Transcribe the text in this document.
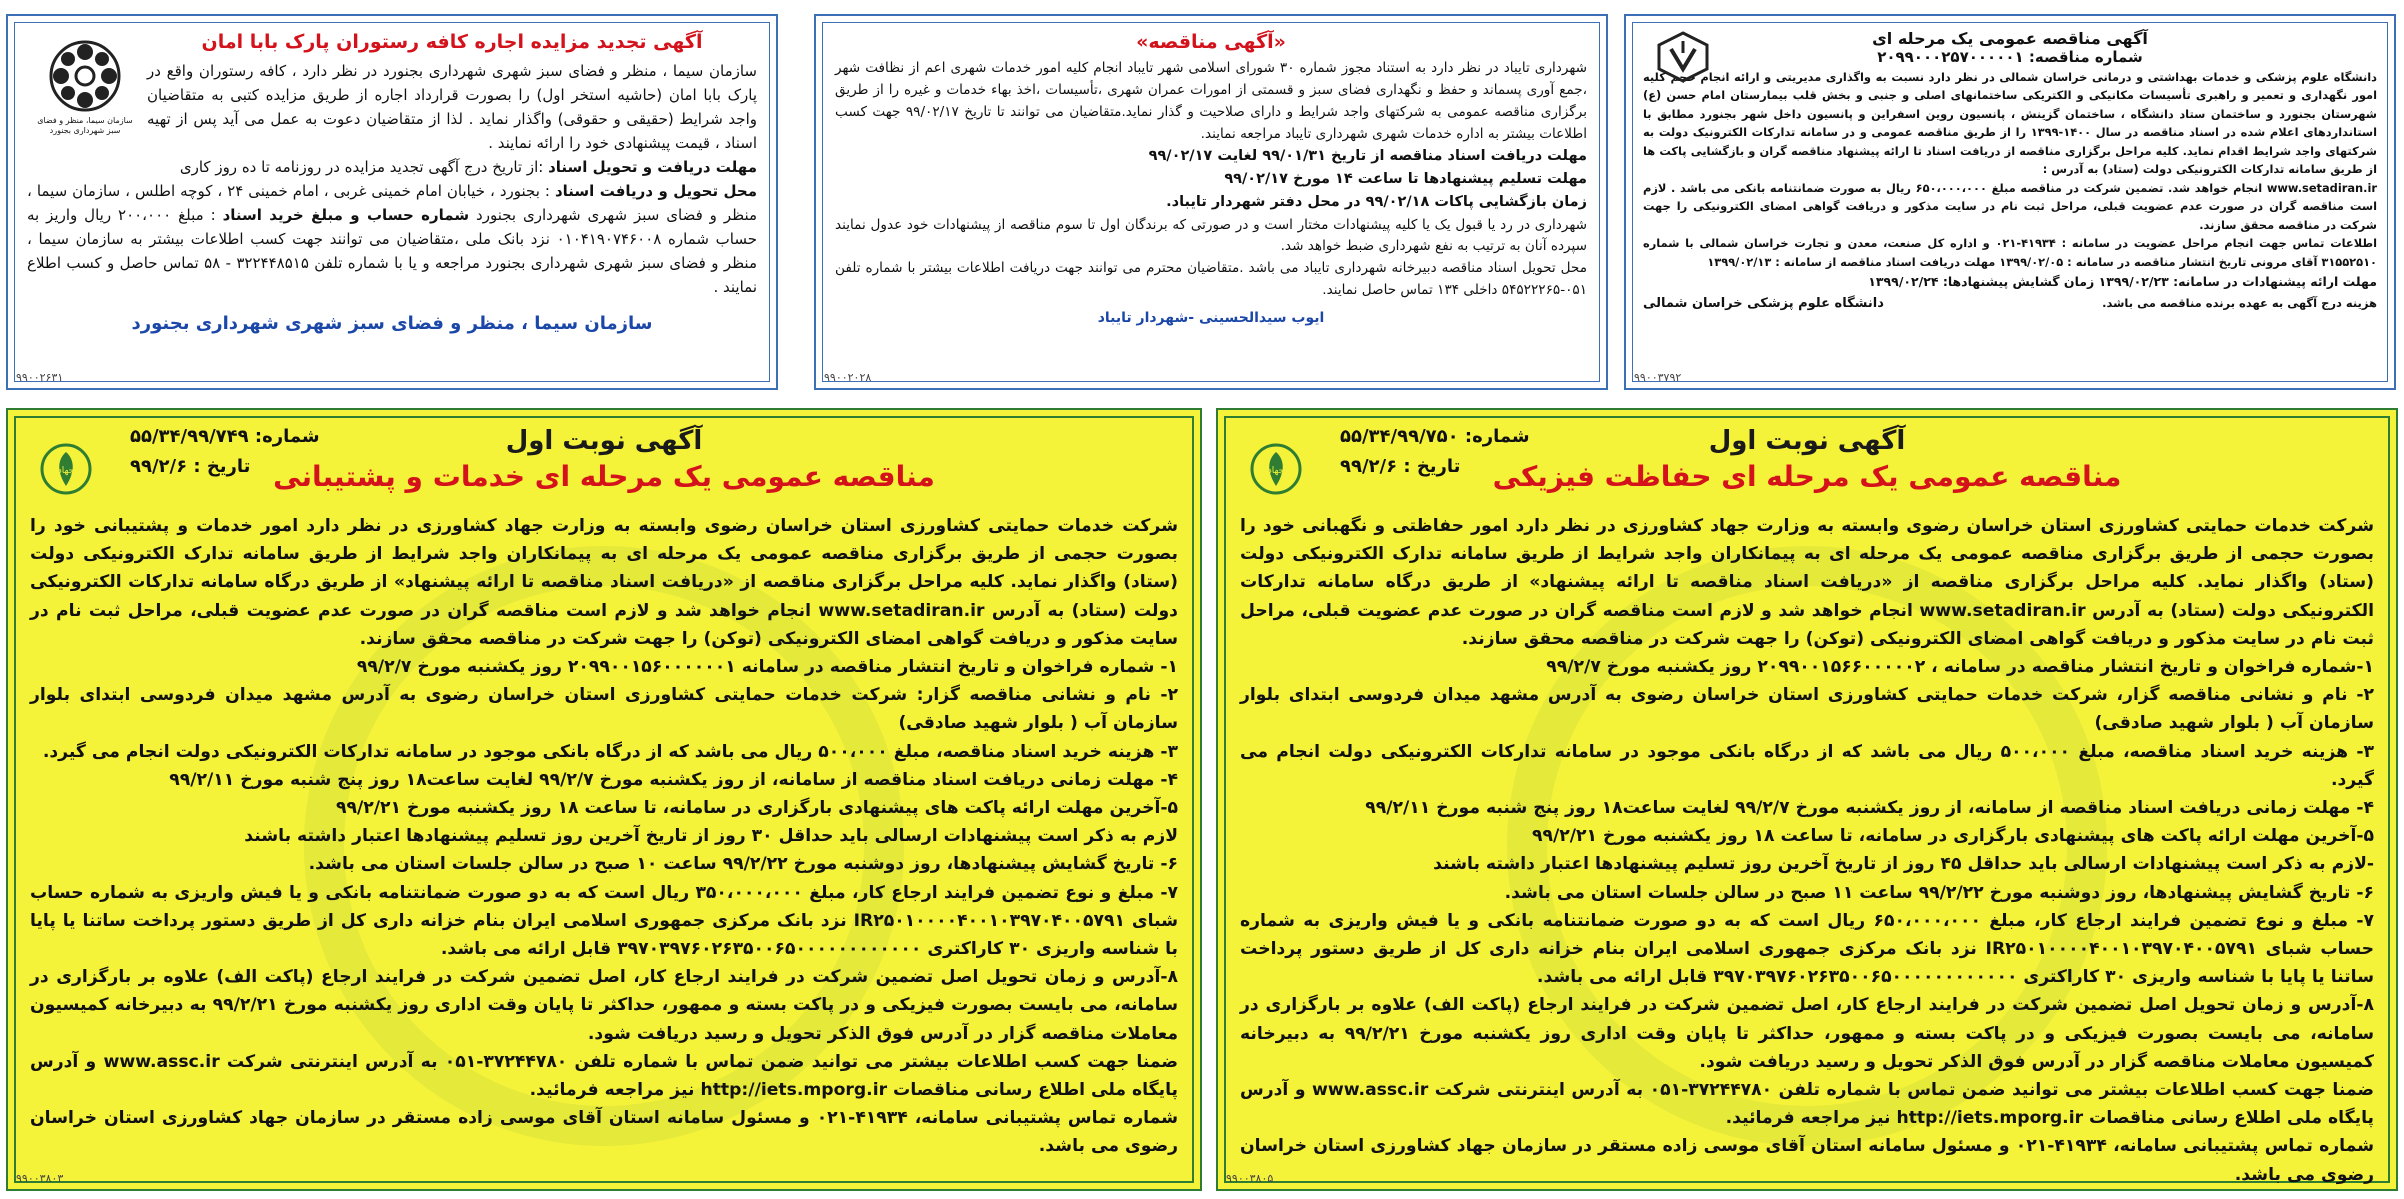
سازمان سیما، منظر و فضای سبز شهرداری بجنورد
آگهی تجدید مزایده اجاره کافه رستوران پارک بابا امان

سازمان سیما ، منظر و فضای سبز شهری شهرداری بجنورد در نظر دارد ، کافه رستوران واقع در پارک بابا امان (حاشیه استخر اول) را بصورت قرارداد اجاره از طریق مزایده کتبی به متقاضیان واجد شرایط (حقیقی و حقوقی) واگذار نماید . لذا از متقاضیان دعوت به عمل می آید پس از تهیه اسناد ، قیمت پیشنهادی خود را ارائه نمایند .

مهلت دریافت و تحویل اسناد :از تاریخ درج آگهی تجدید مزایده در روزنامه تا ده روز کاری

محل تحویل و دریافت اسناد : بجنورد ، خیابان امام خمینی غربی ، امام خمینی ۲۴ ، کوچه اطلس ، سازمان سیما ، منظر و فضای سبز شهری شهرداری بجنورد شماره حساب و مبلغ خرید اسناد : مبلغ ۲۰۰،۰۰۰ ریال واریز به حساب شماره ۰۱۰۴۱۹۰۷۴۶۰۰۸ نزد بانک ملی ،متقاضیان می توانند جهت کسب اطلاعات بیشتر به سازمان سیما ، منظر و فضای سبز شهری شهرداری بجنورد مراجعه و یا با شماره تلفن ۳۲۲۴۴۸۵۱۵ - ۵۸ تماس حاصل و کسب اطلاع نمایند .

سازمان سیما ، منظر و فضای سبز شهری شهرداری بجنورد
۹۹۰۰۲۶۳۱
«آگهی مناقصه»

شهرداری تایباد در نظر دارد به استناد مجوز شماره ۳۰ شورای اسلامی شهر تایباد انجام کلیه امور خدمات شهری اعم از نظافت شهر ،جمع آوری پسماند و حفظ و نگهداری فضای سبز و قسمتی از امورات عمران شهری ،تأسیسات ،اخذ بهاء خدمات و غیره را از طریق برگزاری مناقصه عمومی به شرکتهای واجد شرایط و دارای صلاحیت و گذار نماید.متقاضیان می توانند تا تاریخ ۹۹/۰۲/۱۷ جهت کسب اطلاعات بیشتر به اداره خدمات شهری شهرداری تایباد مراجعه نمایند.

مهلت دریافت اسناد مناقصه از تاریخ ۹۹/۰۱/۳۱ لغایت ۹۹/۰۲/۱۷

مهلت تسلیم پیشنهادها تا ساعت ۱۴ مورخ ۹۹/۰۲/۱۷

زمان بازگشایی پاکات ۹۹/۰۲/۱۸ در محل دفتر شهردار تایباد.

شهرداری در رد یا قبول یک یا کلیه پیشنهادات مختار است و در صورتی که برندگان اول تا سوم مناقصه از پیشنهادات خود عدول نمایند سپرده آنان به ترتیب به نفع شهرداری ضبط خواهد شد.

محل تحویل اسناد مناقصه دبیرخانه شهرداری تایباد می باشد .متقاضیان محترم می توانند جهت دریافت اطلاعات بیشتر با شماره تلفن ۰۵۱-۵۴۵۲۲۲۶۵ داخلی ۱۳۴ تماس حاصل نمایند.

ایوب سیدالحسینی -شهردار تایباد
۹۹۰۰۲۰۲۸
آگهی مناقصه عمومی یک مرحله ای
شماره مناقصه: ۲۰۹۹۰۰۰۲۵۷۰۰۰۰۰۱

دانشگاه علوم پزشکی و خدمات بهداشتی و درمانی خراسان شمالی در نظر دارد نسبت به واگذاری مدیریتی و ارائه انجام حجم کلیه امور نگهداری و تعمیر و راهبری تأسیسات مکانیکی و الکتریکی ساختمانهای اصلی و جنبی و بخش قلب بیمارستان امام حسن (ع) شهرستان بجنورد و ساختمان ستاد دانشگاه ، ساختمان گزینش ، پانسیون روین اسفراین و پانسیون داخل شهر بجنورد مطابق با استانداردهای اعلام شده در اسناد مناقصه در سال ۱۴۰۰-۱۳۹۹ را از طریق مناقصه عمومی و در سامانه تدارکات الکترونیک دولت به شرکتهای واجد شرایط اقدام نماید. کلیه مراحل برگزاری مناقصه از دریافت اسناد تا ارائه پیشنهاد مناقصه گران و بازگشایی پاکت ها از طریق سامانه تدارکات الکترونیکی دولت (ستاد) به آدرس :

www.setadiran.ir انجام خواهد شد. تضمین شرکت در مناقصه مبلغ ۶۵۰،۰۰۰،۰۰۰ ریال به صورت ضمانتنامه بانکی می باشد . لازم است مناقصه گران در صورت عدم عضویت قبلی، مراحل ثبت نام در سایت مذکور و دریافت گواهی امضای الکترونیکی را جهت شرکت در مناقصه محقق سازند.

اطلاعات تماس جهت انجام مراحل عضویت در سامانه : ۴۱۹۳۴-۰۲۱ و اداره کل صنعت، معدن و تجارت خراسان شمالی با شماره ۳۱۵۵۲۵۱۰ آقای مرونی تاریخ انتشار مناقصه در سامانه : ۱۳۹۹/۰۲/۰۵ مهلت دریافت اسناد مناقصه از سامانه : ۱۳۹۹/۰۲/۱۳

مهلت ارائه پیشنهادات در سامانه: ۱۳۹۹/۰۲/۲۳ زمان گشایش پیشنهادها: ۱۳۹۹/۰۲/۲۴

هزینه درج آگهی به عهده برنده مناقصه می باشد.
دانشگاه علوم پزشکی خراسان شمالی
۹۹۰۰۳۷۹۲
جهاد
شماره: ۵۵/۳۴/۹۹/۷۴۹
تاریخ : ۹۹/۲/۶
آگهی نوبت اول
مناقصه عمومی یک مرحله ای خدمات و پشتیبانی

شرکت خدمات حمایتی کشاورزی استان خراسان رضوی وابسته به وزارت جهاد کشاورزی در نظر دارد امور خدمات و پشتیبانی خود را بصورت حجمی از طریق برگزاری مناقصه عمومی یک مرحله ای به پیمانکاران واجد شرایط از طریق سامانه تدارک الکترونیکی دولت (ستاد) واگذار نماید. کلیه مراحل برگزاری مناقصه از «دریافت اسناد مناقصه تا ارائه پیشنهاد» از طریق درگاه سامانه تدارکات الکترونیکی دولت (ستاد) به آدرس www.setadiran.ir انجام خواهد شد و لازم است مناقصه گران در صورت عدم عضویت قبلی، مراحل ثبت نام در سایت مذکور و دریافت گواهی امضای الکترونیکی (توکن) را جهت شرکت در مناقصه محقق سازند.

۱- شماره فراخوان و تاریخ انتشار مناقصه در سامانه ۲۰۹۹۰۰۱۵۶۰۰۰۰۰۰۱ روز یکشنبه مورخ ۹۹/۲/۷

۲- نام و نشانی مناقصه گزار: شرکت خدمات حمایتی کشاورزی استان خراسان رضوی به آدرس مشهد میدان فردوسی ابتدای بلوار سازمان آب ( بلوار شهید صادقی)

۳- هزینه خرید اسناد مناقصه، مبلغ ۵۰۰،۰۰۰ ریال می باشد که از درگاه بانکی موجود در سامانه تدارکات الکترونیکی دولت انجام می گیرد.

۴- مهلت زمانی دریافت اسناد مناقصه از سامانه، از روز یکشنبه مورخ ۹۹/۲/۷ لغایت ساعت۱۸ روز پنج شنبه مورخ ۹۹/۲/۱۱

۵-آخرین مهلت ارائه پاکت های پیشنهادی بارگزاری در سامانه، تا ساعت ۱۸ روز یکشنبه مورخ ۹۹/۲/۲۱

لازم به ذکر است پیشنهادات ارسالی باید حداقل ۳۰ روز از تاریخ آخرین روز تسلیم پیشنهادها اعتبار داشته باشند

۶- تاریخ گشایش پیشنهادها، روز دوشنبه مورخ ۹۹/۲/۲۲ ساعت ۱۰ صبح در سالن جلسات استان می باشد.

۷- مبلغ و نوع تضمین فرایند ارجاع کار، مبلغ ۳۵۰،۰۰۰،۰۰۰ ریال است که به دو صورت ضمانتنامه بانکی و یا فیش واریزی به شماره حساب شبای IR۲۵۰۱۰۰۰۰۴۰۰۱۰۳۹۷۰۴۰۰۵۷۹۱ نزد بانک مرکزی جمهوری اسلامی ایران بنام خزانه داری کل از طریق دستور پرداخت ساتنا یا پایا با شناسه واریزی ۳۰ کاراکتری ۳۹۷۰۳۹۷۶۰۲۶۳۵۰۰۶۵۰۰۰۰۰۰۰۰۰۰۰۰ قابل ارائه می باشد.

۸-آدرس و زمان تحویل اصل تضمین شرکت در فرایند ارجاع کار، اصل تضمین شرکت در فرایند ارجاع (پاکت الف) علاوه بر بارگزاری در سامانه، می بایست بصورت فیزیکی و در پاکت بسته و ممهور، حداکثر تا پایان وقت اداری روز یکشنبه مورخ ۹۹/۲/۲۱ به دبیرخانه کمیسیون معاملات مناقصه گزار در آدرس فوق الذکر تحویل و رسید دریافت شود.

ضمنا جهت کسب اطلاعات بیشتر می توانید ضمن تماس با شماره تلفن ۳۷۲۴۴۷۸۰-۰۵۱ به آدرس اینترنتی شرکت www.assc.ir و آدرس پایگاه ملی اطلاع رسانی مناقصات http://iets.mporg.ir نیز مراجعه فرمائید.

شماره تماس پشتیبانی سامانه، ۴۱۹۳۴-۰۲۱ و مسئول سامانه استان آقای موسی زاده مستقر در سازمان جهاد کشاورزی استان خراسان رضوی می باشد.

۹۹۰۰۳۸۰۳
جهاد
شماره: ۵۵/۳۴/۹۹/۷۵۰
تاریخ : ۹۹/۲/۶
آگهی نوبت اول
مناقصه عمومی یک مرحله ای حفاظت فیزیکی

شرکت خدمات حمایتی کشاورزی استان خراسان رضوی وابسته به وزارت جهاد کشاورزی در نظر دارد امور حفاظتی و نگهبانی خود را بصورت حجمی از طریق برگزاری مناقصه عمومی یک مرحله ای به پیمانکاران واجد شرایط از طریق سامانه تدارک الکترونیکی دولت (ستاد) واگذار نماید. کلیه مراحل برگزاری مناقصه از «دریافت اسناد مناقصه تا ارائه پیشنهاد» از طریق درگاه سامانه تدارکات الکترونیکی دولت (ستاد) به آدرس www.setadiran.ir انجام خواهد شد و لازم است مناقصه گران در صورت عدم عضویت قبلی، مراحل ثبت نام در سایت مذکور و دریافت گواهی امضای الکترونیکی (توکن) را جهت شرکت در مناقصه محقق سازند.

۱-شماره فراخوان و تاریخ انتشار مناقصه در سامانه ، ۲۰۹۹۰۰۱۵۶۶۰۰۰۰۰۲ روز یکشنبه مورخ ۹۹/۲/۷

۲- نام و نشانی مناقصه گزار، شرکت خدمات حمایتی کشاورزی استان خراسان رضوی به آدرس مشهد میدان فردوسی ابتدای بلوار سازمان آب ( بلوار شهید صادقی)

۳- هزینه خرید اسناد مناقصه، مبلغ ۵۰۰،۰۰۰ ریال می باشد که از درگاه بانکی موجود در سامانه تدارکات الکترونیکی دولت انجام می گیرد.

۴- مهلت زمانی دریافت اسناد مناقصه از سامانه، از روز یکشنبه مورخ ۹۹/۲/۷ لغایت ساعت۱۸ روز پنج شنبه مورخ ۹۹/۲/۱۱

۵-آخرین مهلت ارائه پاکت های پیشنهادی بارگزاری در سامانه، تا ساعت ۱۸ روز یکشنبه مورخ ۹۹/۲/۲۱

-لازم به ذکر است پیشنهادات ارسالی باید حداقل ۴۵ روز از تاریخ آخرین روز تسلیم پیشنهادها اعتبار داشته باشند

۶- تاریخ گشایش پیشنهادها، روز دوشنبه مورخ ۹۹/۲/۲۲ ساعت ۱۱ صبح در سالن جلسات استان می باشد.

۷- مبلغ و نوع تضمین فرایند ارجاع کار، مبلغ ۶۵۰،۰۰۰،۰۰۰ ریال است که به دو صورت ضمانتنامه بانکی و یا فیش واریزی به شماره حساب شبای IR۲۵۰۱۰۰۰۰۴۰۰۱۰۳۹۷۰۴۰۰۵۷۹۱ نزد بانک مرکزی جمهوری اسلامی ایران بنام خزانه داری کل از طریق دستور پرداخت ساتنا یا پایا با شناسه واریزی ۳۰ کاراکتری ۳۹۷۰۳۹۷۶۰۲۶۳۵۰۰۶۵۰۰۰۰۰۰۰۰۰۰۰۰ قابل ارائه می باشد.

۸-آدرس و زمان تحویل اصل تضمین شرکت در فرایند ارجاع کار، اصل تضمین شرکت در فرایند ارجاع (پاکت الف) علاوه بر بارگزاری در سامانه، می بایست بصورت فیزیکی و در پاکت بسته و ممهور، حداکثر تا پایان وقت اداری روز یکشنبه مورخ ۹۹/۲/۲۱ به دبیرخانه کمیسیون معاملات مناقصه گزار در آدرس فوق الذکر تحویل و رسید دریافت شود.

ضمنا جهت کسب اطلاعات بیشتر می توانید ضمن تماس با شماره تلفن ۳۷۲۴۴۷۸۰-۰۵۱ به آدرس اینترنتی شرکت www.assc.ir و آدرس پایگاه ملی اطلاع رسانی مناقصات http://iets.mporg.ir نیز مراجعه فرمائید.

شماره تماس پشتیبانی سامانه، ۴۱۹۳۴-۰۲۱ و مسئول سامانه استان آقای موسی زاده مستقر در سازمان جهاد کشاورزی استان خراسان رضوی می باشد.

۹۹۰۰۳۸۰۵
